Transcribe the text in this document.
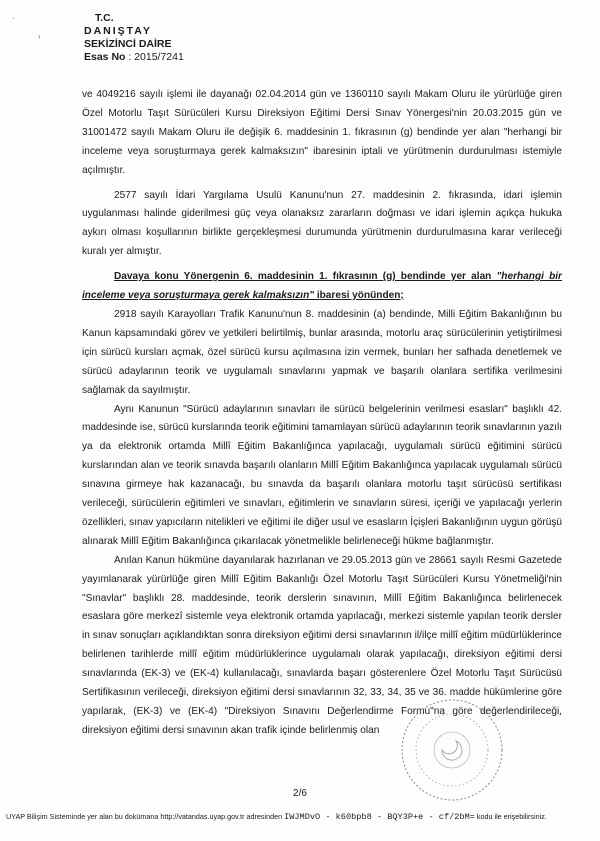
T.C.
DANIŞTAY
SEKİZİNCİ DAİRE
Esas No : 2015/7241
·
›

ve 4049216 sayılı işlemi ile dayanağı 02.04.2014 gün ve 1360110 sayılı Makam Oluru ile yürürlüğe giren Özel Motorlu Taşıt Sürücüleri Kursu Direksiyon Eğitimi Dersi Sınav Yönergesi'nin 20.03.2015 gün ve 31001472 sayılı Makam Oluru ile değişik 6. maddesinin 1. fıkrasının (g) bendinde yer alan "herhangi bir inceleme veya soruşturmaya gerek kalmaksızın" ibaresinin iptali ve yürütmenin durdurulması istemiyle açılmıştır.

2577 sayılı İdari Yargılama Usulü Kanunu'nun 27. maddesinin 2. fıkrasında, idari işlemin uygulanması halinde giderilmesi güç veya olanaksız zararların doğması ve idari işlemin açıkça hukuka aykırı olması koşullarının birlikte gerçekleşmesi durumunda yürütmenin durdurulmasına karar verileceği kuralı yer almıştır.

Davaya konu Yönergenin 6. maddesinin 1. fıkrasının (g) bendinde yer alan "herhangi bir inceleme veya soruşturmaya gerek kalmaksızın" ibaresi yönünden;

2918 sayılı Karayolları Trafik Kanunu'nun 8. maddesinin (a) bendinde, Milli Eğitim Bakanlığının bu Kanun kapsamındaki görev ve yetkileri belirtilmiş, bunlar arasında, motorlu araç sürücülerinin yetiştirilmesi için sürücü kursları açmak, özel sürücü kursu açılmasına izin vermek, bunları her safhada denetlemek ve sürücü adaylarının teorik ve uygulamalı sınavlarını yapmak ve başarılı olanlara sertifika verilmesini sağlamak da sayılmıştır.

Aynı Kanunun "Sürücü adaylarının sınavları ile sürücü belgelerinin verilmesi esasları" başlıklı 42. maddesinde ise, sürücü kurslarında teorik eğitimini tamamlayan sürücü adaylarının teorik sınavlarının yazılı ya da elektronik ortamda Millî Eğitim Bakanlığınca yapılacağı, uygulamalı sürücü eğitimini sürücü kurslarından alan ve teorik sınavda başarılı olanların Millî Eğitim Bakanlığınca yapılacak uygulamalı sürücü sınavına girmeye hak kazanacağı, bu sınavda da başarılı olanlara motorlu taşıt sürücüsü sertifikası verileceği, sürücülerin eğitimleri ve sınavları, eğitimlerin ve sınavların süresi, içeriği ve yapılacağı yerlerin özellikleri, sınav yapıcıların nitelikleri ve eğitimi ile diğer usul ve esasların İçişleri Bakanlığının uygun görüşü alınarak Millî Eğitim Bakanlığınca çıkarılacak yönetmelikle belirleneceği hükme bağlanmıştır.

Anılan Kanun hükmüne dayanılarak hazırlanan ve 29.05.2013 gün ve 28661 sayılı Resmi Gazetede yayımlanarak yürürlüğe giren Millî Eğitim Bakanlığı Özel Motorlu Taşıt Sürücüleri Kursu Yönetmeliği'nin "Sınavlar" başlıklı 28. maddesinde, teorik derslerin sınavının, Millî Eğitim Bakanlığınca belirlenecek esaslara göre merkezî sistemle veya elektronik ortamda yapılacağı, merkezi sistemle yapılan teorik dersler in sınav sonuçları açıklandıktan sonra direksiyon eğitimi dersi sınavlarının il/ilçe millî eğitim müdürlüklerince belirlenen tarihlerde millî eğitim müdürlüklerince uygulamalı olarak yapılacağı, direksiyon eğitimi dersi sınavlarında (EK-3) ve (EK-4) kullanılacağı, sınavlarda başarı gösterenlere Özel Motorlu Taşıt Sürücüsü Sertifikasının verileceği, direksiyon eğitimi dersi sınavlarının 32, 33, 34, 35 ve 36. madde hükümlerine göre yapılarak, (EK-3) ve (EK-4) "Direksiyon Sınavını Değerlendirme Formu"na göre değerlendirileceği, direksiyon eğitimi dersi sınavının akan trafik içinde belirlenmiş olan

2/6
UYAP Bilişim Sisteminde yer alan bu dokümana http://vatandas.uyap.gov.tr adresinden IWJMDvO - k60bpb8 - BQY3P+e - cf/2bM= kodu ile erişebilirsiniz.
